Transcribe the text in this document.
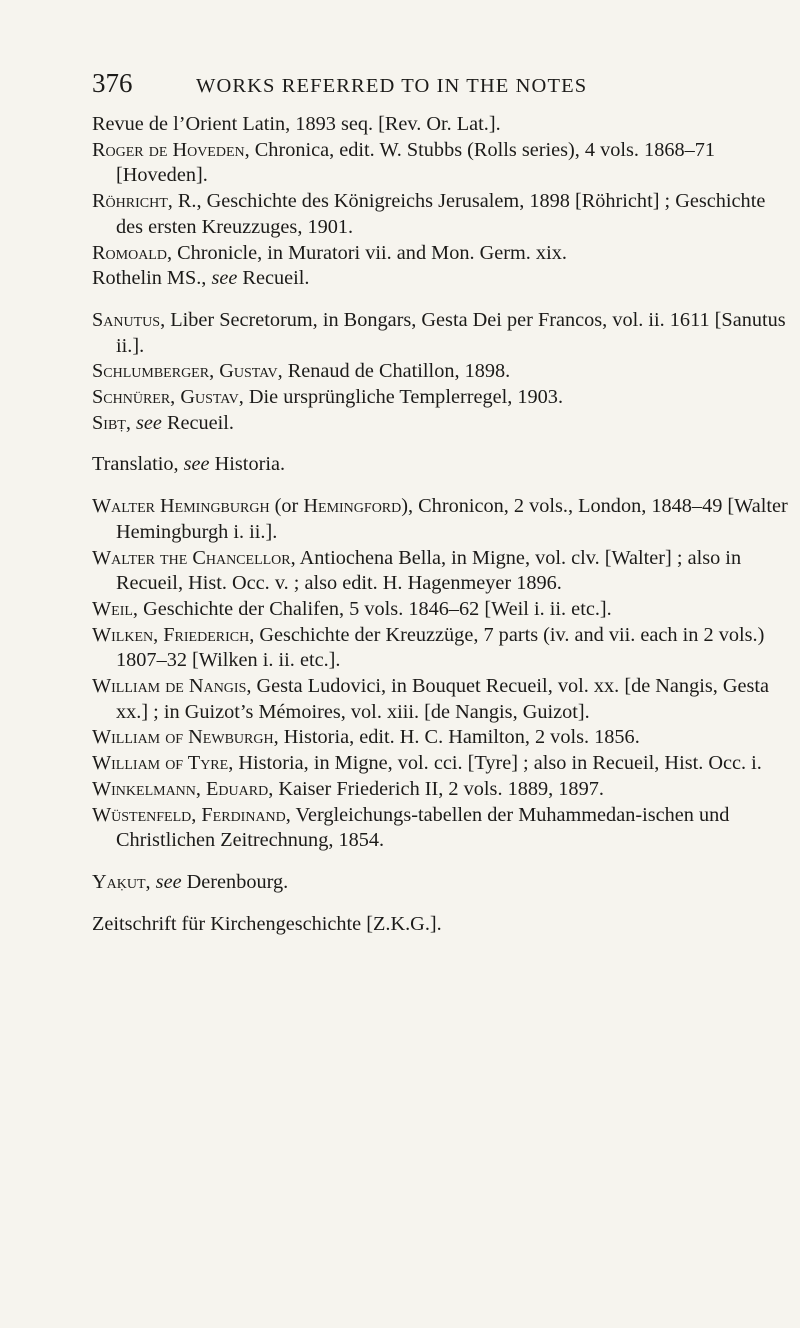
376	WORKS REFERRED TO IN THE NOTES

Revue de l’Orient Latin, 1893 seq. [Rev. Or. Lat.].

Roger de Hoveden, Chronica, edit. W. Stubbs (Rolls series), 4 vols. 1868–71 [Hoveden].

Röhricht, R., Geschichte des Königreichs Jerusalem, 1898 [Röhricht] ; Geschichte des ersten Kreuzzuges, 1901.

Romoald, Chronicle, in Muratori vii. and Mon. Germ. xix.

Rothelin MS., see Recueil.

Sanutus, Liber Secretorum, in Bongars, Gesta Dei per Francos, vol. ii. 1611 [Sanutus ii.].

Schlumberger, Gustav, Renaud de Chatillon, 1898.

Schnürer, Gustav, Die ursprüngliche Templerregel, 1903.

Sibṭ, see Recueil.

Translatio, see Historia.

Walter Hemingburgh (or Hemingford), Chronicon, 2 vols., London, 1848–49 [Walter Hemingburgh i. ii.].

Walter the Chancellor, Antiochena Bella, in Migne, vol. clv. [Walter] ; also in Recueil, Hist. Occ. v. ; also edit. H. Hagenmeyer 1896.

Weil, Geschichte der Chalifen, 5 vols. 1846–62 [Weil i. ii. etc.].

Wilken, Friederich, Geschichte der Kreuzzüge, 7 parts (iv. and vii. each in 2 vols.) 1807–32 [Wilken i. ii. etc.].

William de Nangis, Gesta Ludovici, in Bouquet Recueil, vol. xx. [de Nangis, Gesta xx.] ; in Guizot’s Mémoires, vol. xiii. [de Nangis, Guizot].

William of Newburgh, Historia, edit. H. C. Hamilton, 2 vols. 1856.

William of Tyre, Historia, in Migne, vol. cci. [Tyre] ; also in Recueil, Hist. Occ. i.

Winkelmann, Eduard, Kaiser Friederich II, 2 vols. 1889, 1897.

Wüstenfeld, Ferdinand, Vergleichungs-tabellen der Muhammedan-ischen und Christlichen Zeitrechnung, 1854.

Yaḳut, see Derenbourg.

Zeitschrift für Kirchengeschichte [Z.K.G.].
